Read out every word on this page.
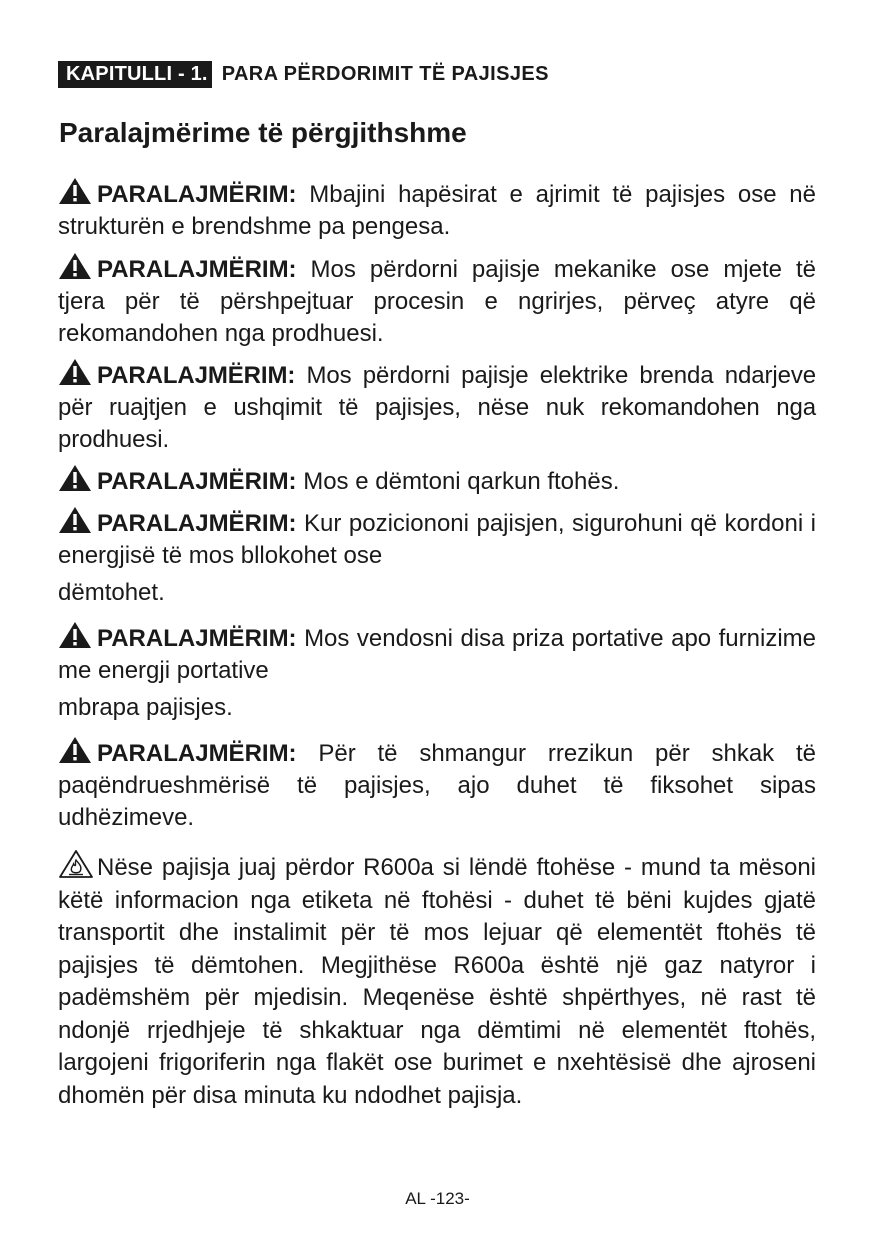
KAPITULLI - 1. PARA PËRDORIMIT TË PAJISJES
Paralajmërime të përgjithshme

PARALAJMËRIM: Mbajini hapësirat e ajrimit të pajisjes ose në strukturën e brendshme pa pengesa.

PARALAJMËRIM: Mos përdorni pajisje mekanike ose mjete të tjera për të përshpejtuar procesin e ngrirjes, përveç atyre që rekomandohen nga prodhuesi.

PARALAJMËRIM: Mos përdorni pajisje elektrike brenda ndarjeve për ruajtjen e ushqimit të pajisjes, nëse nuk rekomandohen nga prodhuesi.

PARALAJMËRIM: Mos e dëmtoni qarkun ftohës.

PARALAJMËRIM: Kur poziciononi pajisjen, sigurohuni që kordoni i energjisë të mos bllokohet ose

dëmtohet.

PARALAJMËRIM: Mos vendosni disa priza portative apo furnizime me energji portative

mbrapa pajisjes.

PARALAJMËRIM: Për të shmangur rrezikun për shkak të paqëndrueshmërisë të pajisjes, ajo duhet të fiksohet sipas udhëzimeve.

Nëse pajisja juaj përdor R600a si lëndë ftohëse - mund ta mësoni këtë informacion nga etiketa në ftohësi - duhet të bëni kujdes gjatë transportit dhe instalimit për të mos lejuar që elementët ftohës të pajisjes të dëmtohen. Megjithëse R600a është një gaz natyror i padëmshëm për mjedisin. Meqenëse është shpërthyes, në rast të ndonjë rrjedhjeje të shkaktuar nga dëmtimi në elementët ftohës, largojeni frigoriferin nga flakët ose burimet e nxehtësisë dhe ajroseni dhomën për disa minuta ku ndodhet pajisja.

AL -123-
